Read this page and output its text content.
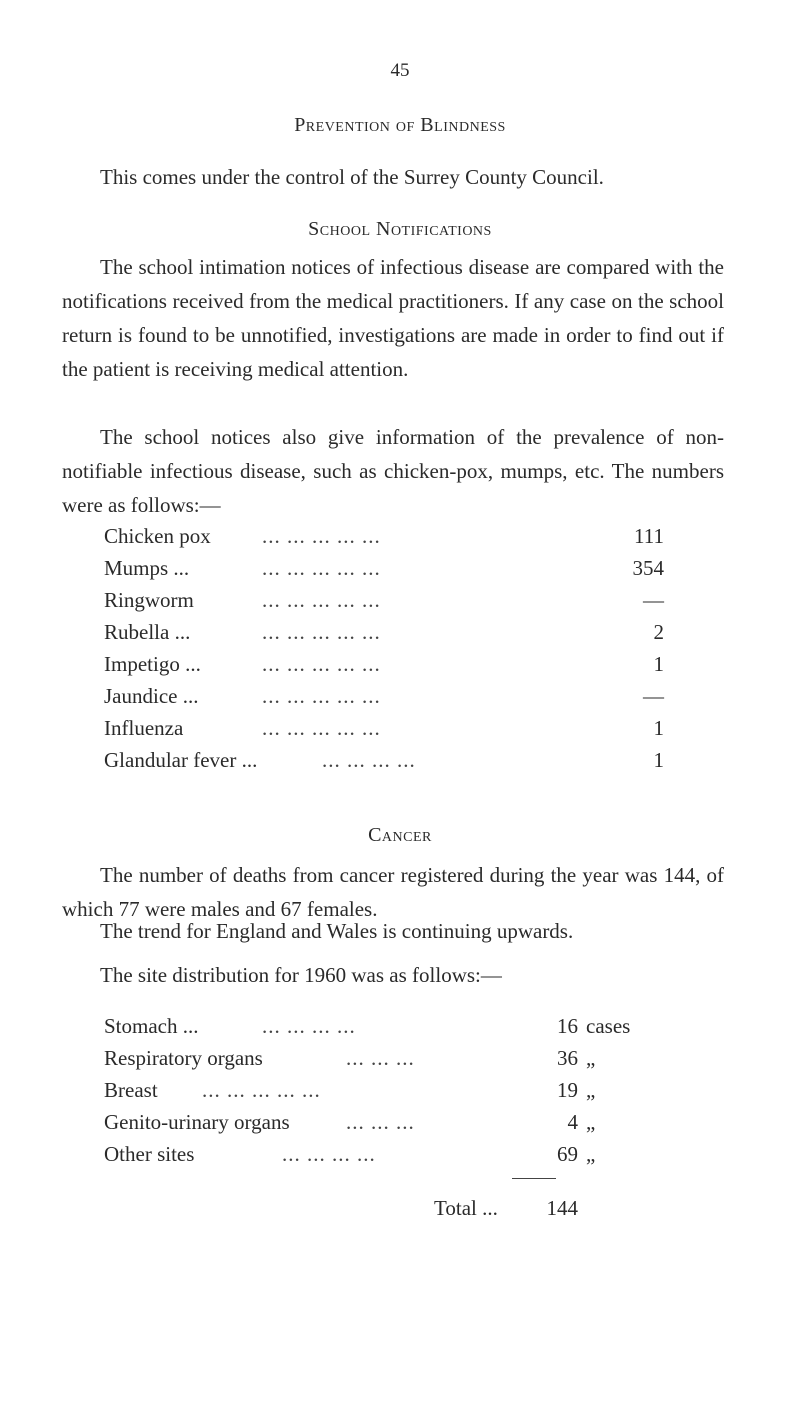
45
Prevention of Blindness
This comes under the control of the Surrey County Council.
School Notifications
The school intimation notices of infectious disease are compared with the notifications received from the medical practitioners. If any case on the school return is found to be unnotified, investigations are made in order to find out if the patient is receiving medical attention.
The school notices also give information of the prevalence of non-notifiable infectious disease, such as chicken-pox, mumps, etc. The numbers were as follows:—
Chicken pox ... ... ... ... ...	111
Mumps ...	... ... ... ... ...	354
Ringworm	... ... ... ... ...	—
Rubella ...	... ... ... ... ...	2
Impetigo ...	... ... ... ... ...	1
Jaundice ...	... ... ... ... ...	—
Influenza	... ... ... ... ...	1
Glandular fever ...	... ... ... ...	1
Cancer
The number of deaths from cancer registered during the year was 144, of which 77 were males and 67 females.
The trend for England and Wales is continuing upwards.
The site distribution for 1960 was as follows:—
Stomach ...	... ... ... ...	16 cases
Respiratory organs	... ... ...	36 „
Breast ... ... ... ... ...	19 „
Genito-urinary organs	... ... ...	4 „
Other sites	... ... ... ...	69 „
Total ... 144
